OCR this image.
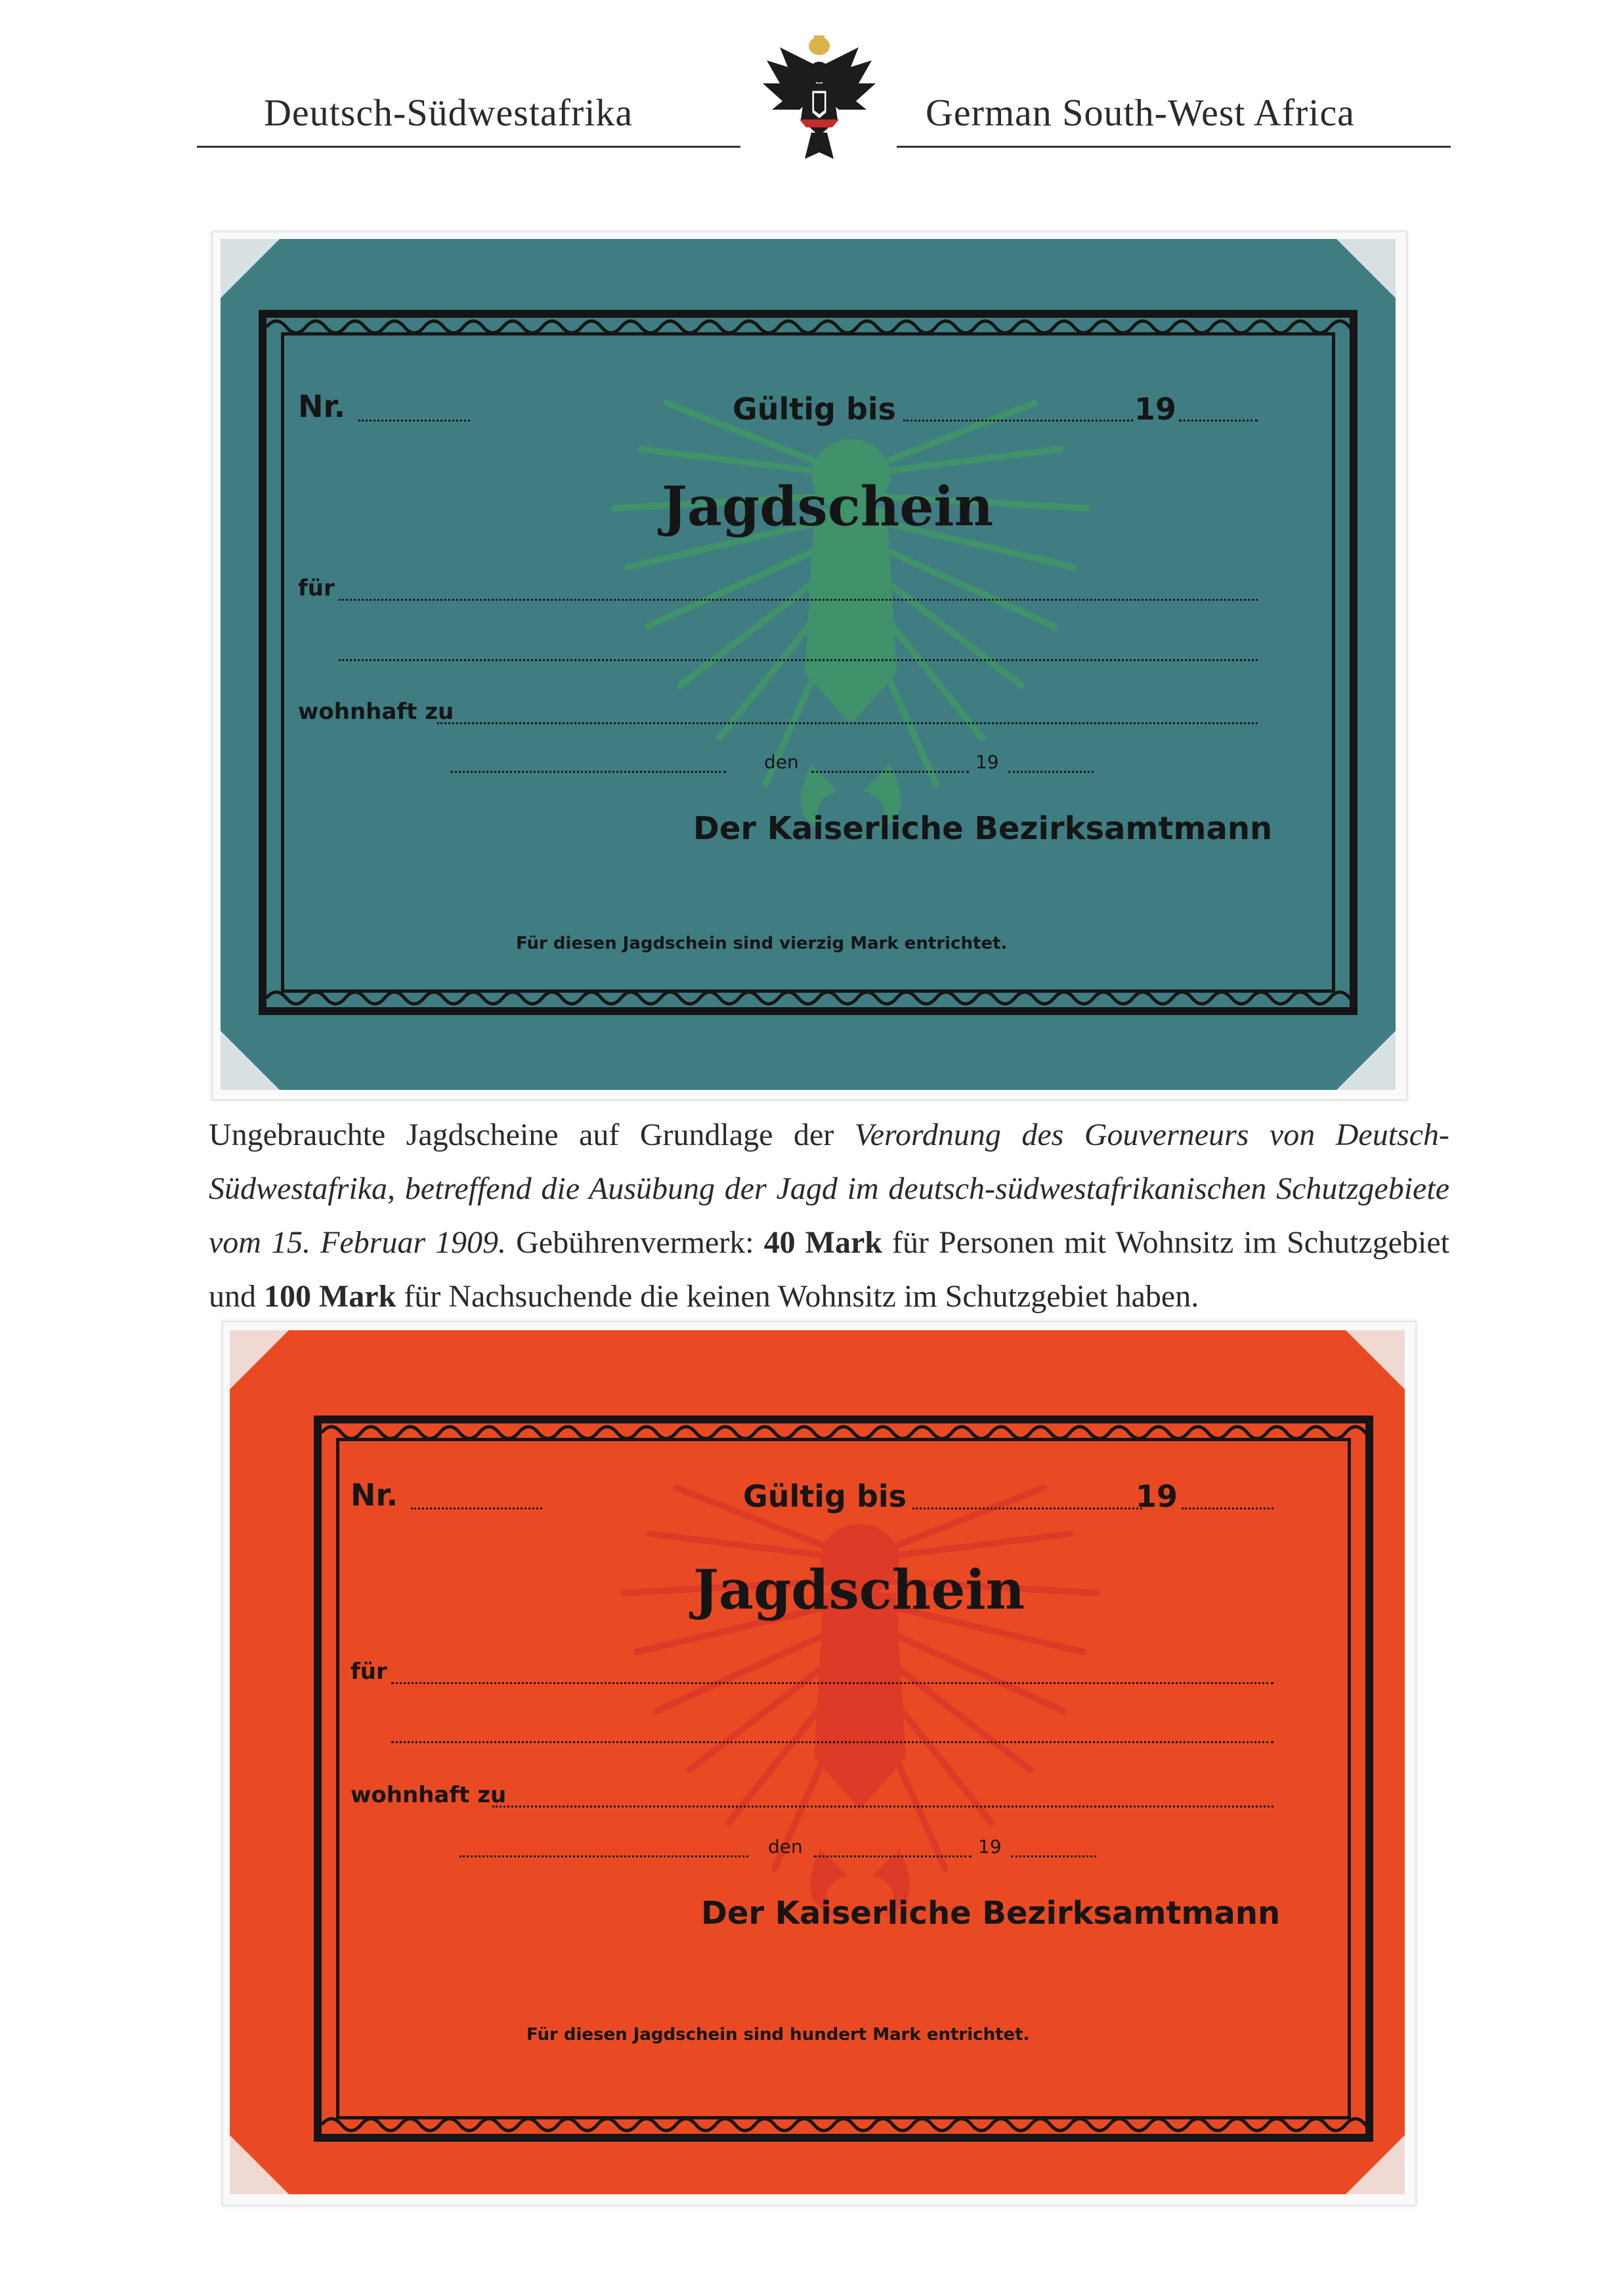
Deutsch-Südwestafrika	German South-West Africa
Nr.	Gültig bis	19
Jagdschein
für
wohnhaft zu
den	19
Der Kaiserliche Bezirksamtmann
Für diesen Jagdschein sind vierzig Mark entrichtet.
Ungebrauchte Jagdscheine auf Grundlage der Verordnung des Gouverneurs von Deutsch-Südwestafrika, betreffend die Ausübung der Jagd im deutsch-südwestafrikanischen Schutzgebiete vom 15. Februar 1909. Gebührenvermerk: 40 Mark für Personen mit Wohnsitz im Schutzgebiet und 100 Mark für Nachsuchende die keinen Wohnsitz im Schutzgebiet haben.
Nr.	Gültig bis	19
Jagdschein
für
wohnhaft zu
den	19
Der Kaiserliche Bezirksamtmann
Für diesen Jagdschein sind hundert Mark entrichtet.
